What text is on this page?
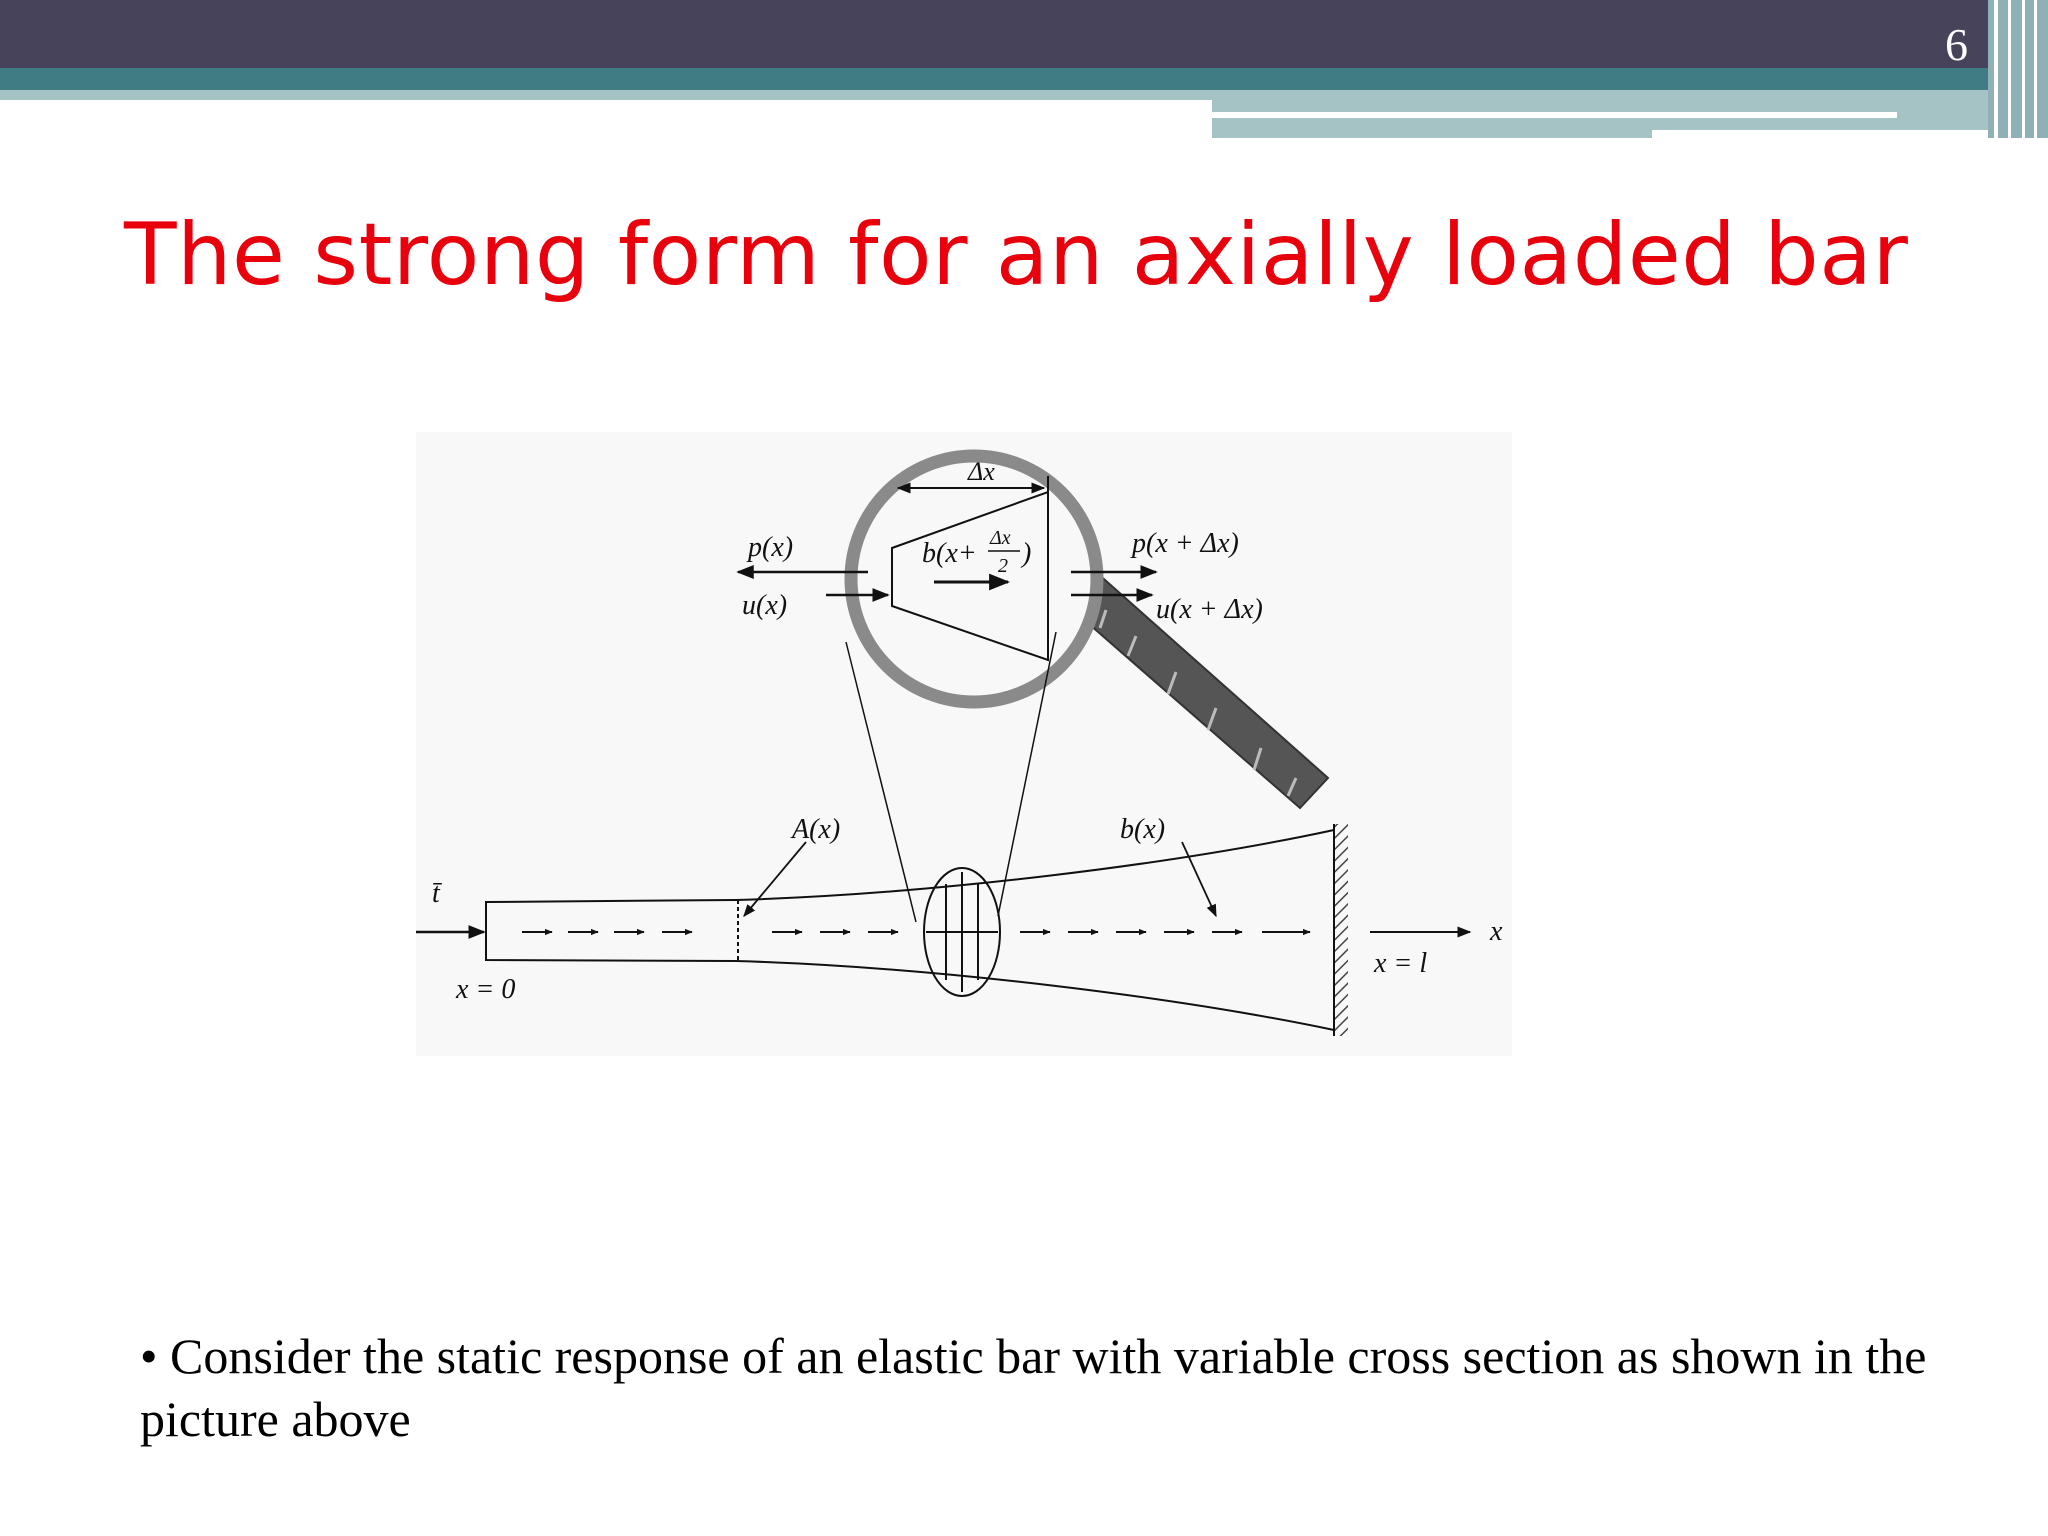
6
The strong form for an axially loaded bar
Δx
p(x)
u(x)
b(x+ Δx
2 )	p(x + Δx)
u(x + Δx)
A(x)	b(x)
t̄
x
x = 0
x = l
• Consider the static response of an elastic bar with variable cross section as shown in the picture above
